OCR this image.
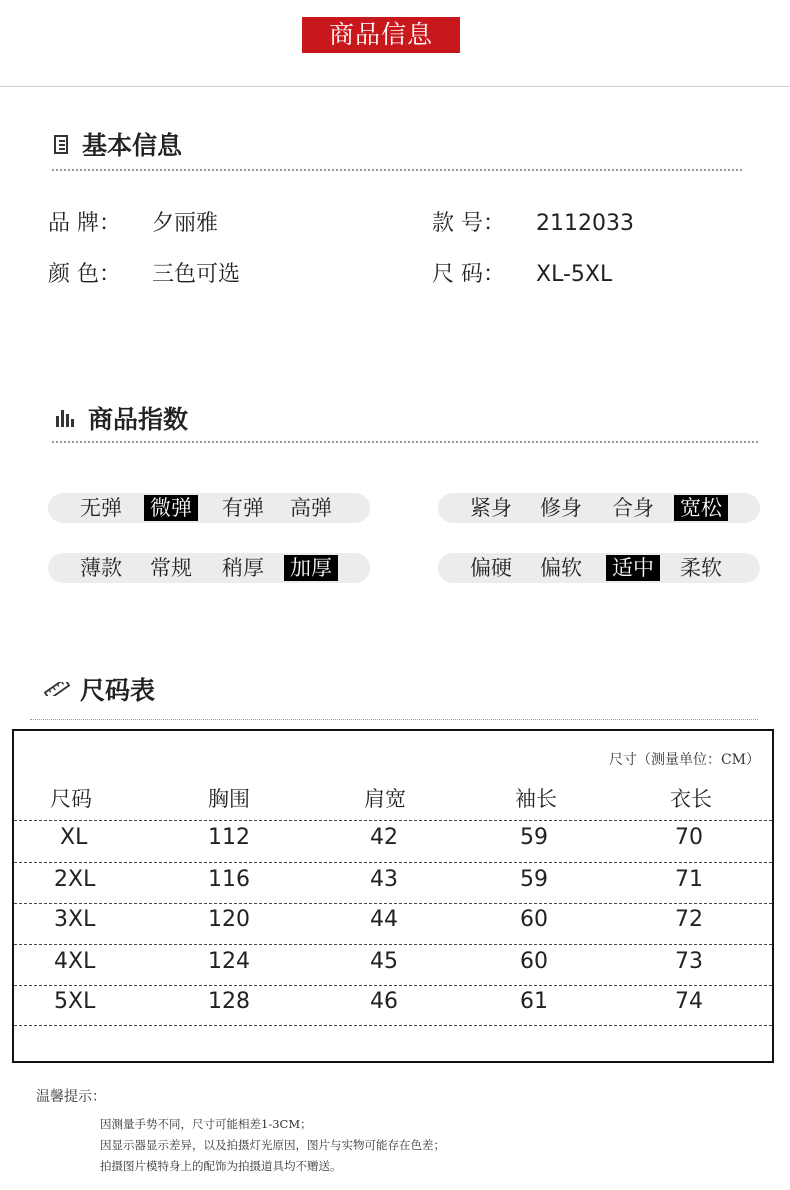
商品信息
基本信息
品 牌： 夕丽雅	款 号： 2112033
颜 色： 三色可选	尺 码： XL-5XL
商品指数
无弹	微弹	有弹	高弹	紧身	修身	合身	宽松
薄款	常规	稍厚	加厚	偏硬	偏软	适中	柔软
尺码表
尺寸（测量单位：CM）
尺码	胸围	肩宽	袖长	衣长
XL	112	42	59	70
2XL	116	43	59	71
3XL	120	44	60	72
4XL	124	45	60	73
5XL	128	46	61	74
温馨提示：
因测量手势不同，尺寸可能相差1-3CM；
因显示器显示差异，以及拍摄灯光原因，图片与实物可能存在色差；
拍摄图片模特身上的配饰为拍摄道具均不赠送。
